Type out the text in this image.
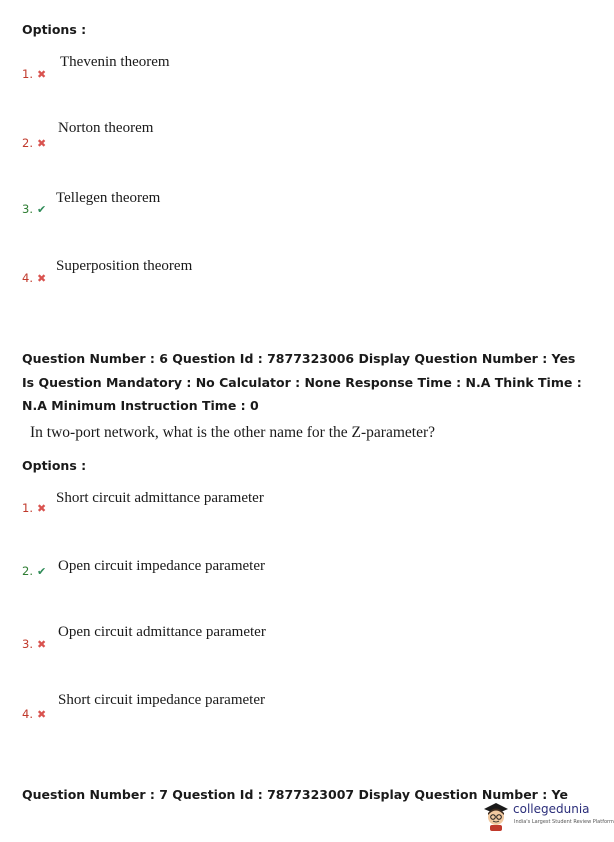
Options :
1. ✖
Thevenin theorem
2. ✖
Norton theorem
3. ✔
Tellegen theorem
4. ✖
Superposition theorem
Question Number : 6 Question Id : 7877323006 Display Question Number : Yes Is Question Mandatory : No Calculator : None Response Time : N.A Think Time : N.A Minimum Instruction Time : 0
In two-port network, what is the other name for the Z-parameter?
Options :
1. ✖
Short circuit admittance parameter
2. ✔ Open circuit impedance parameter
3. ✖
Open circuit admittance parameter
4. ✖
Short circuit impedance parameter
Question Number : 7 Question Id : 7877323007 Display Question Number : Ye
collegedunia
India's Largest Student Review Platform
